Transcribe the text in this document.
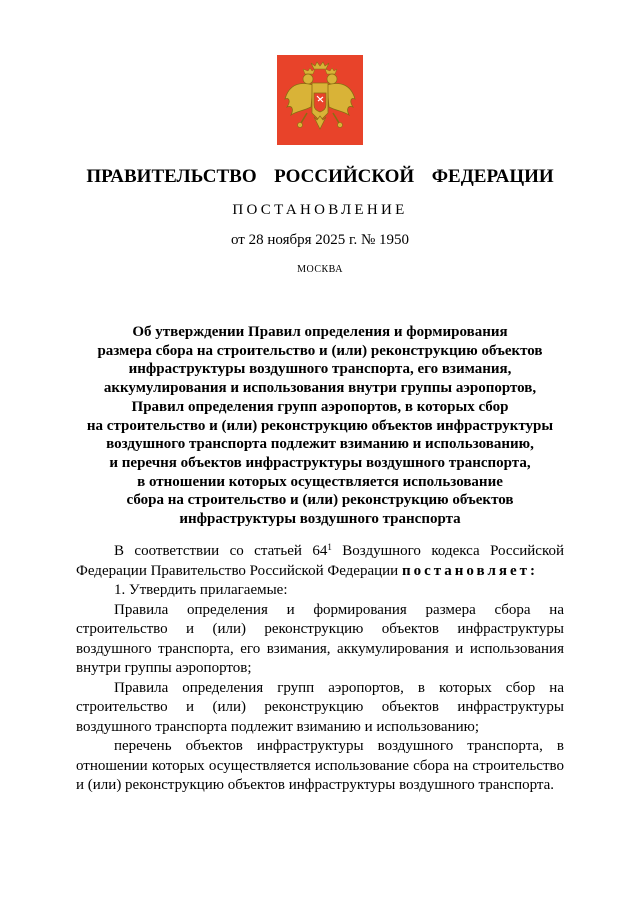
ПРАВИТЕЛЬСТВО  РОССИЙСКОЙ  ФЕДЕРАЦИИ
ПОСТАНОВЛЕНИЕ
от 28 ноября 2025 г. № 1950
МОСКВА
Об утверждении Правил определения и формирования
размера сбора на строительство и (или) реконструкцию объектов
инфраструктуры воздушного транспорта, его взимания,
аккумулирования и использования внутри группы аэропортов,
Правил определения групп аэропортов, в которых сбор
на строительство и (или) реконструкцию объектов инфраструктуры
воздушного транспорта подлежит взиманию и использованию,
и перечня объектов инфраструктуры воздушного транспорта,
в отношении которых осуществляется использование
сбора на строительство и (или) реконструкцию объектов
инфраструктуры воздушного транспорта

В соответствии со статьей $64^1$ Воздушного кодекса Российской Федерации Правительство Российской Федерации постановляет:

1. Утвердить прилагаемые:

Правила определения и формирования размера сбора на строительство и (или) реконструкцию объектов инфраструктуры воздушного транспорта, его взимания, аккумулирования и использования внутри группы аэропортов;

Правила определения групп аэропортов, в которых сбор на строительство и (или) реконструкцию объектов инфраструктуры воздушного транспорта подлежит взиманию и использованию;

перечень объектов инфраструктуры воздушного транспорта, в отношении которых осуществляется использование сбора на строительство и (или) реконструкцию объектов инфраструктуры воздушного транспорта.
